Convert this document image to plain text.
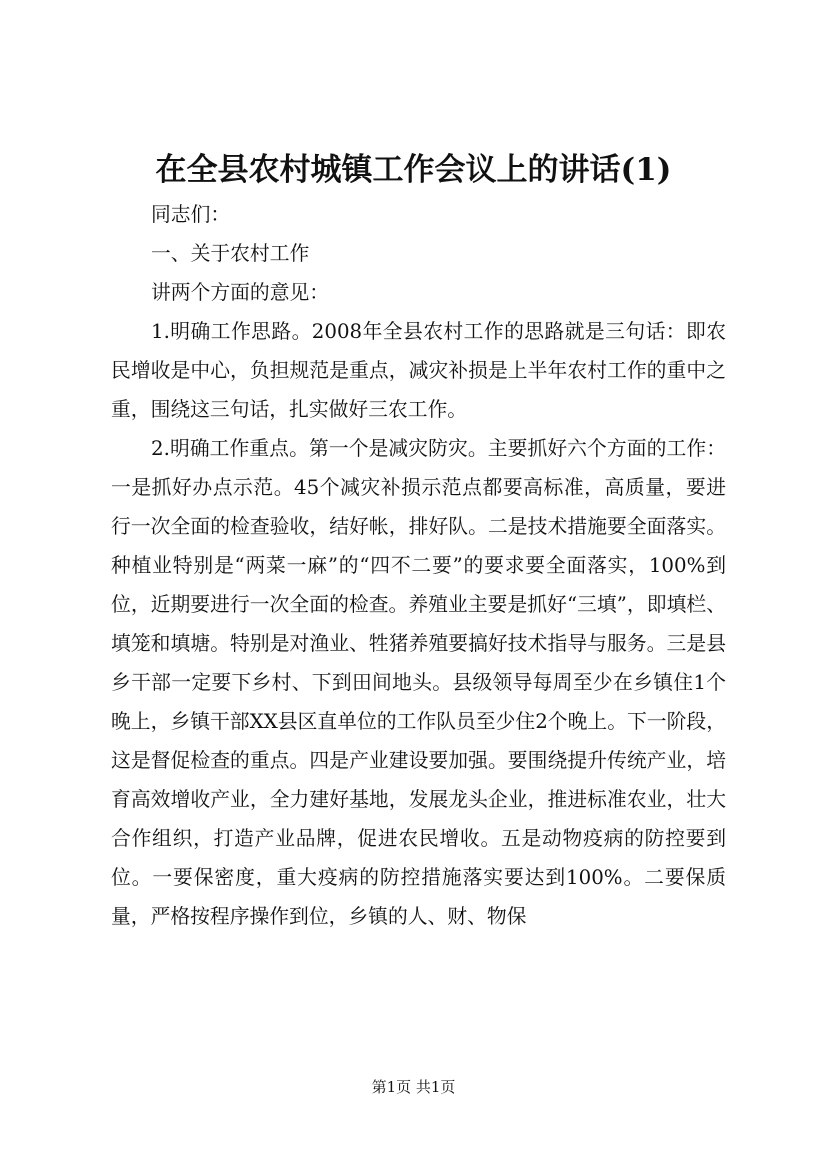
在全县农村城镇工作会议上的讲话(1)

同志们：

一、关于农村工作

讲两个方面的意见：

1.明确工作思路。2008年全县农村工作的思路就是三句话：即农民增收是中心，负担规范是重点，减灾补损是上半年农村工作的重中之重，围绕这三句话，扎实做好三农工作。

2.明确工作重点。第一个是减灾防灾。主要抓好六个方面的工作：一是抓好办点示范。45个减灾补损示范点都要高标准，高质量，要进行一次全面的检查验收，结好帐，排好队。二是技术措施要全面落实。种植业特别是“两菜一麻”的“四不二要”的要求要全面落实，100%到位，近期要进行一次全面的检查。养殖业主要是抓好“三填”，即填栏、填笼和填塘。特别是对渔业、牲猪养殖要搞好技术指导与服务。三是县乡干部一定要下乡村、下到田间地头。县级领导每周至少在乡镇住1个晚上，乡镇干部XX县区直单位的工作队员至少住2个晚上。下一阶段，这是督促检查的重点。四是产业建设要加强。要围绕提升传统产业，培育高效增收产业，全力建好基地，发展龙头企业，推进标准农业，壮大合作组织，打造产业品牌，促进农民增收。五是动物疫病的防控要到位。一要保密度，重大疫病的防控措施落实要达到100%。二要保质量，严格按程序操作到位，乡镇的人、财、物保

第1页 共1页
